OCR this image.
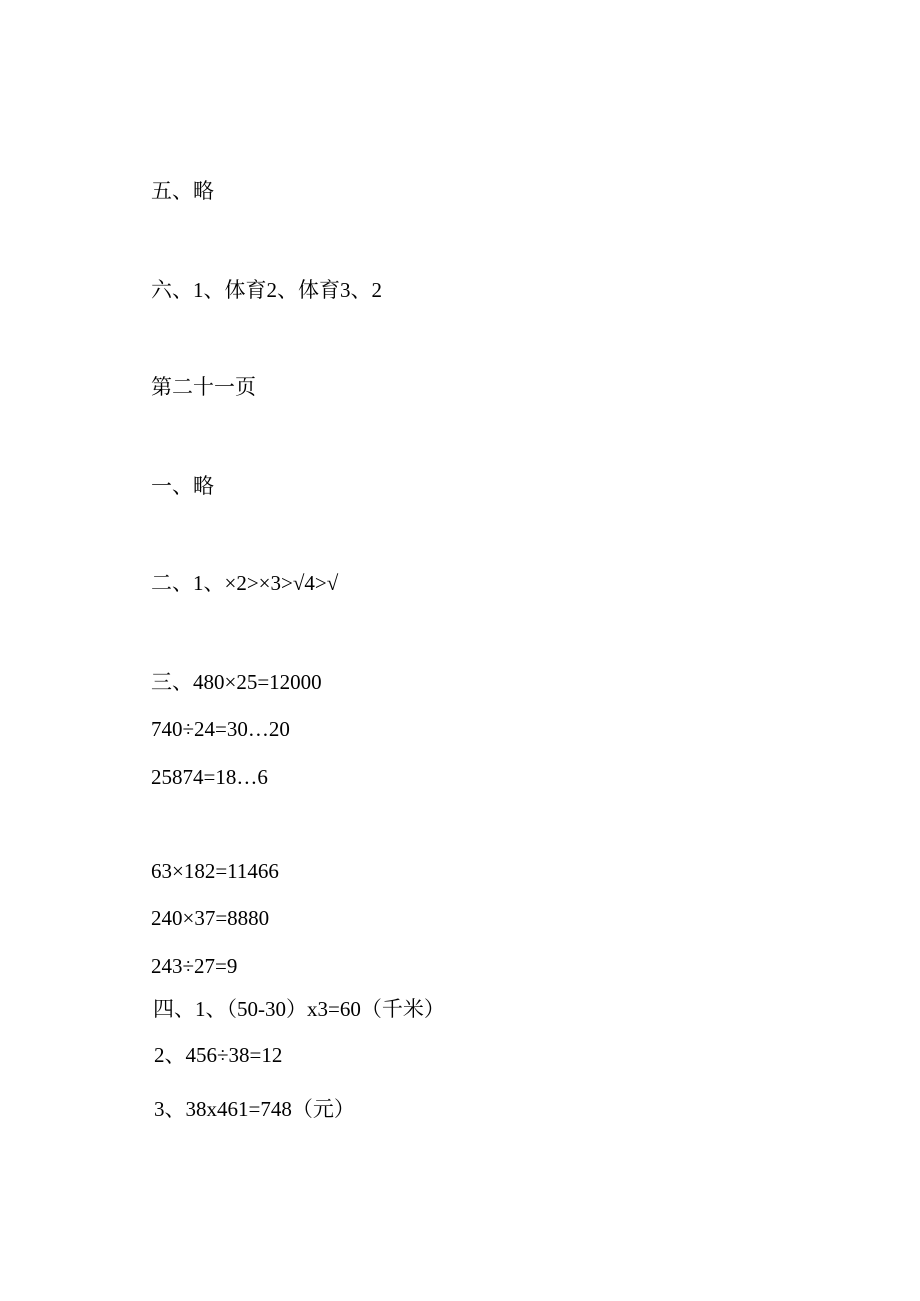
五、略
六、1、体育2、体育3、2
第二十一页
一、略
二、1、×2>×3>√4>√
三、480×25=12000
740÷24=30…20
25874=18…6
63×182=11466
240×37=8880
243÷27=9
四、1、（50-30）x3=60（千米）
2、456÷38=12
3、38x461=748（元）
